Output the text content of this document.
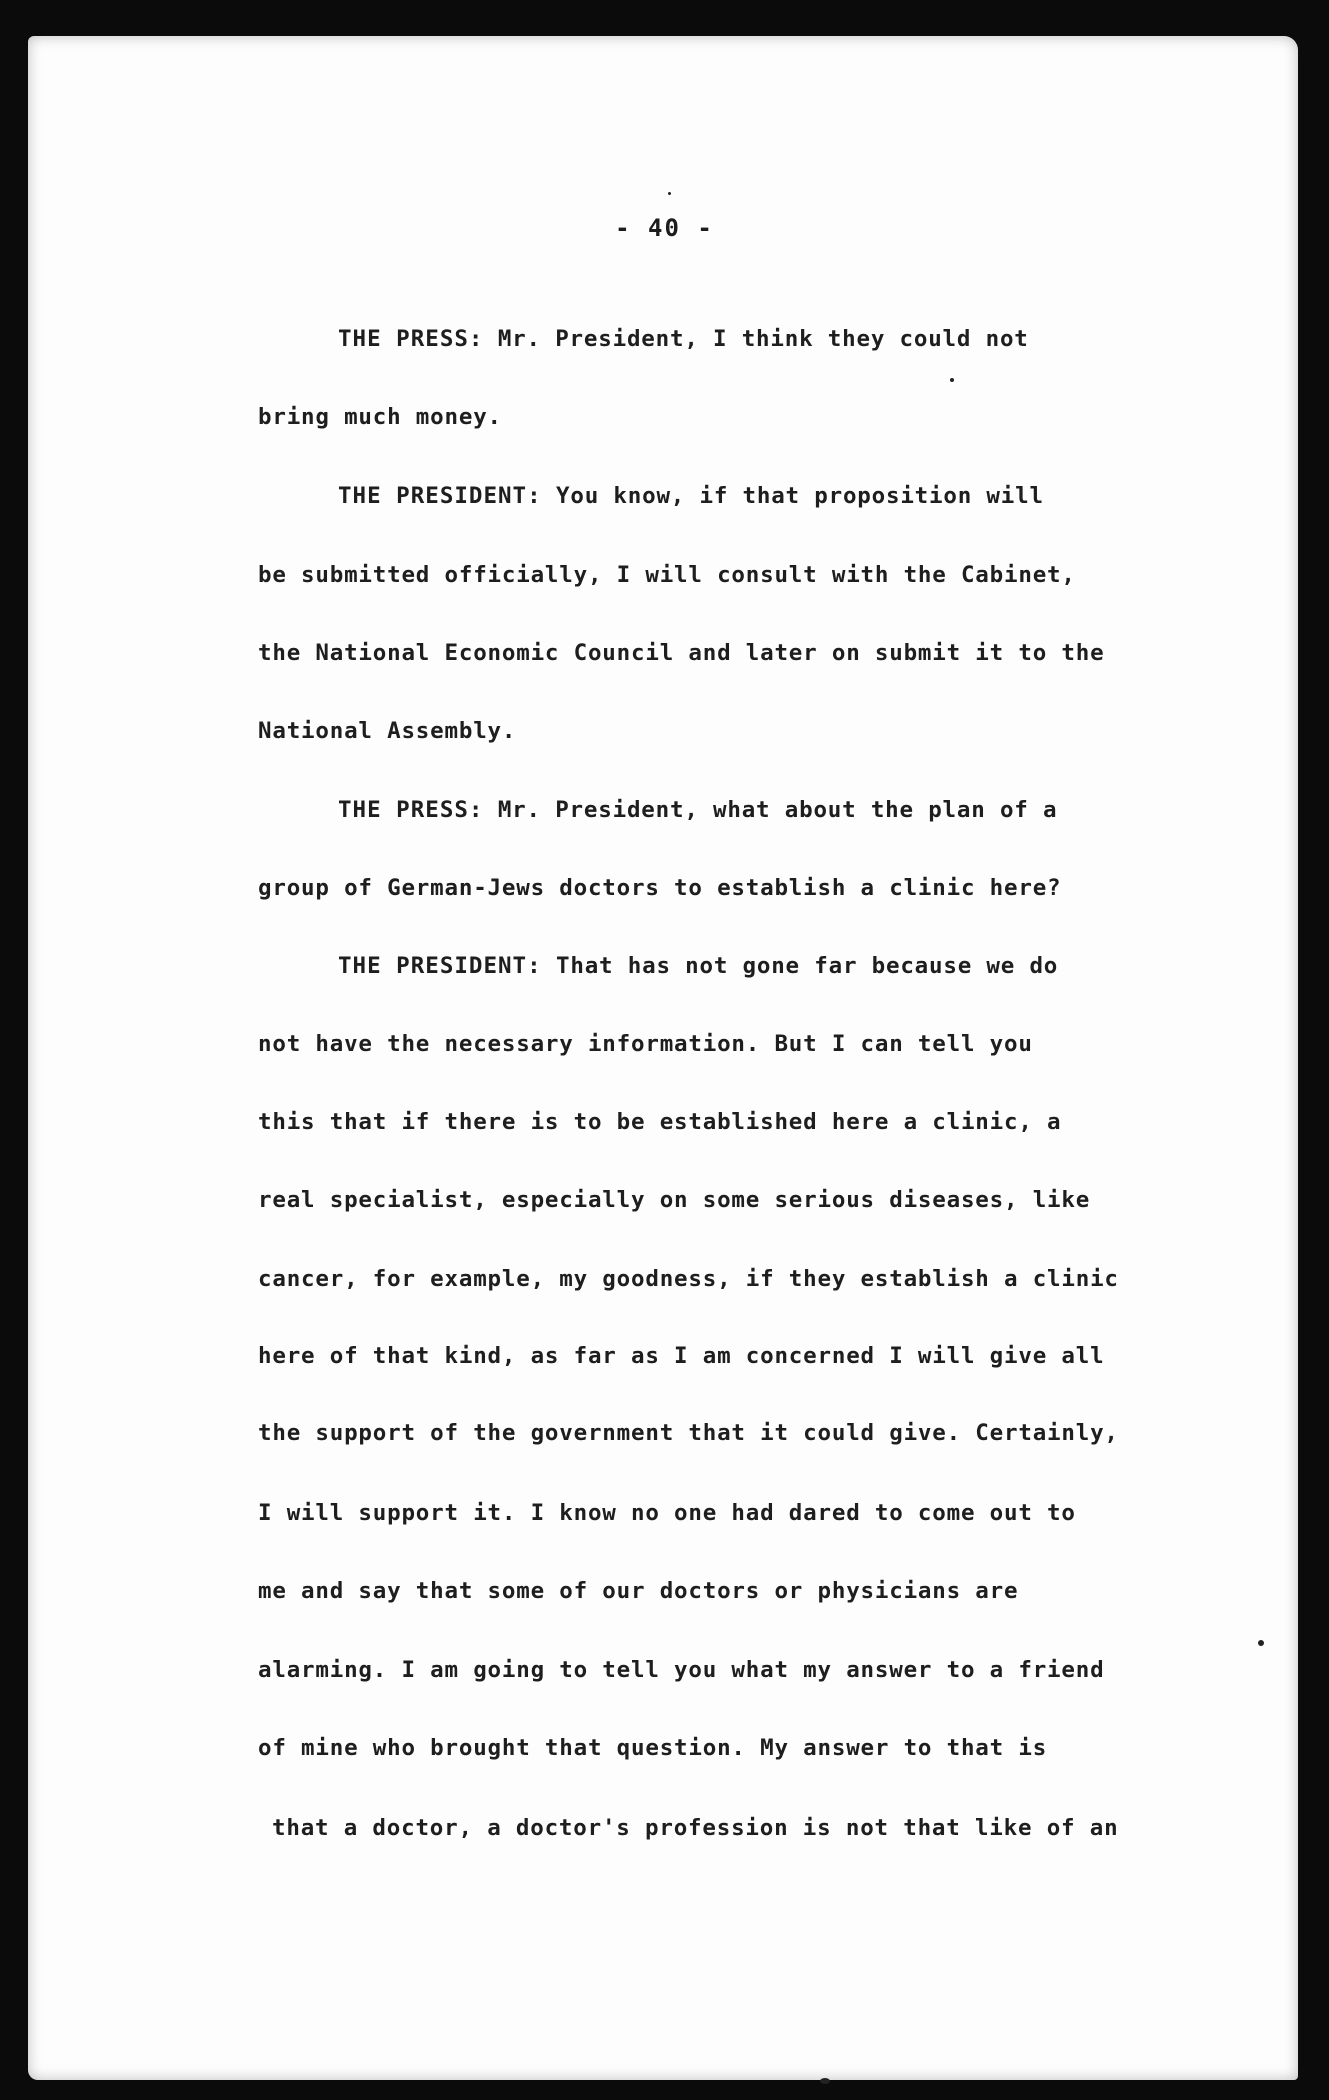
- 40 -
THE PRESS: Mr. President, I think they could not
bring much money.
THE PRESIDENT: You know, if that proposition will
be submitted officially, I will consult with the Cabinet,
the National Economic Council and later on submit it to the
National Assembly.
THE PRESS: Mr. President, what about the plan of a
group of German-Jews doctors to establish a clinic here?
THE PRESIDENT: That has not gone far because we do
not have the necessary information. But I can tell you
this that if there is to be established here a clinic, a
real specialist, especially on some serious diseases, like
cancer, for example, my goodness, if they establish a clinic
here of that kind, as far as I am concerned I will give all
the support of the government that it could give. Certainly,
I will support it. I know no one had dared to come out to
me and say that some of our doctors or physicians are
alarming. I am going to tell you what my answer to a friend
of mine who brought that question. My answer to that is
that a doctor, a doctor's profession is not that like of an
